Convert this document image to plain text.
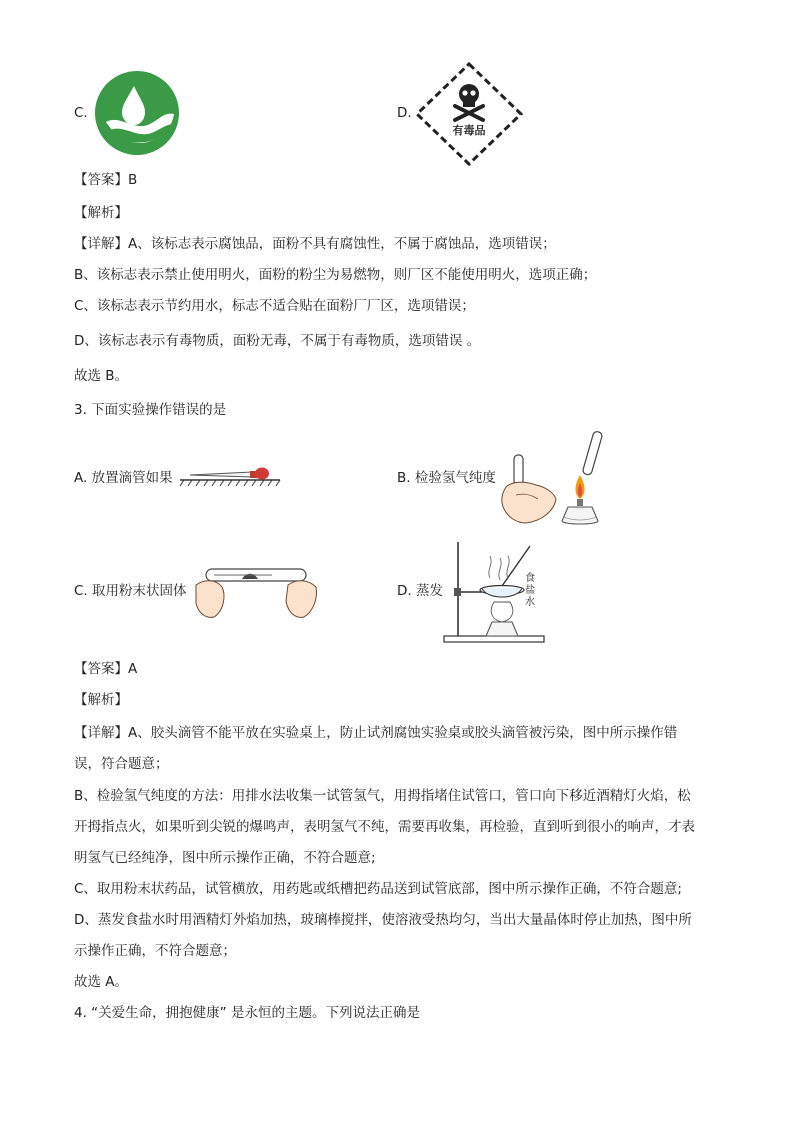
C.	D.
有毒品
【答案】B
【解析】
【详解】A、该标志表示腐蚀品，面粉不具有腐蚀性，不属于腐蚀品，选项错误；
B、该标志表示禁止使用明火，面粉的粉尘为易燃物，则厂区不能使用明火，选项正确；
C、该标志表示节约用水，标志不适合贴在面粉厂厂区，选项错误；
D、该标志表示有毒物质，面粉无毒，不属于有毒物质，选项错误 。
故选 B。
3. 下面实验操作错误的是
A. 放置滴管如果	B. 检验氢气纯度
C. 取用粉末状固体	D. 蒸发
食
盐
水
【答案】A
【解析】
【详解】A、胶头滴管不能平放在实验桌上，防止试剂腐蚀实验桌或胶头滴管被污染，图中所示操作错
误，符合题意；
B、检验氢气纯度的方法：用排水法收集一试管氢气，用拇指堵住试管口，管口向下移近酒精灯火焰，松
开拇指点火，如果听到尖锐的爆鸣声，表明氢气不纯，需要再收集，再检验，直到听到很小的响声，才表
明氢气已经纯净，图中所示操作正确，不符合题意;
C、取用粉末状药品，试管横放，用药匙或纸槽把药品送到试管底部，图中所示操作正确，不符合题意;
D、蒸发食盐水时用酒精灯外焰加热，玻璃棒搅拌，使溶液受热均匀，当出大量晶体时停止加热，图中所
示操作正确，不符合题意；
故选 A。
4. “关爱生命，拥抱健康” 是永恒的主题。下列说法正确是
